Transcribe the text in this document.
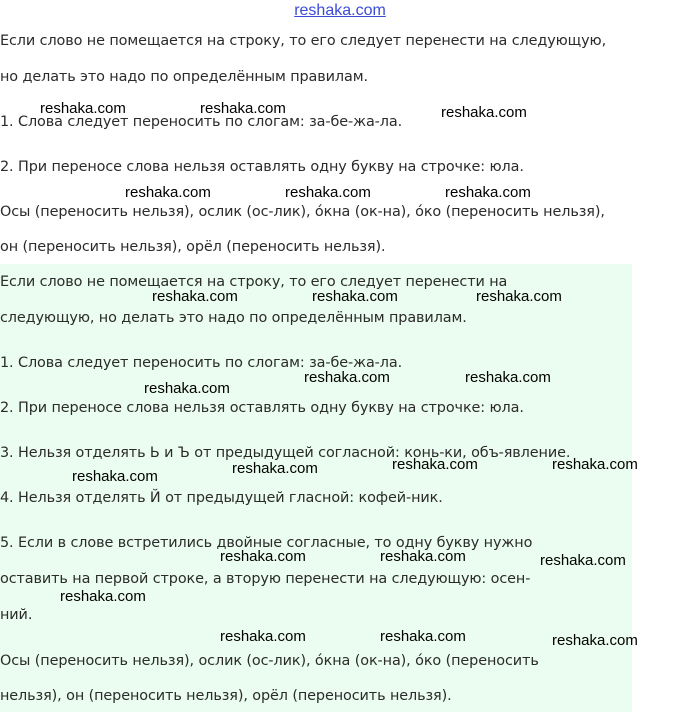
reshaka.com

Если слово не помещается на строку, то его следует перенести на следующую,

но делать это надо по определённым правилам.

1. Слова следует переносить по слогам: за-бе-жа-ла.

2. При переносе слова нельзя оставлять одну букву на строчке: юла.

Осы (переносить нельзя), ослик (ос-лик), о́кна (ок-на), о́ко (переносить нельзя),

он (переносить нельзя), орёл (переносить нельзя).

Если слово не помещается на строку, то его следует перенести на

следующую, но делать это надо по определённым правилам.

1. Слова следует переносить по слогам: за-бе-жа-ла.

2. При переносе слова нельзя оставлять одну букву на строчке: юла.

3. Нельзя отделять Ь и Ъ от предыдущей согласной: конь-ки, объ-явление.

4. Нельзя отделять Й от предыдущей гласной: кофей-ник.

5. Если в слове встретились двойные согласные, то одну букву нужно

оставить на первой строке, а вторую перенести на следующую: осен-

ний.

Осы (переносить нельзя), ослик (ос-лик), о́кна (ок-на), о́ко (переносить

нельзя), он (переносить нельзя), орёл (переносить нельзя).

reshaka.com	reshaka.com	reshaka.com
reshaka.com	reshaka.com	reshaka.com
reshaka.com	reshaka.com	reshaka.com
reshaka.com	reshaka.com
reshaka.com
reshaka.com	reshaka.com
reshaka.com
reshaka.com
reshaka.com	reshaka.com	reshaka.com
reshaka.com
reshaka.com	reshaka.com	reshaka.com
